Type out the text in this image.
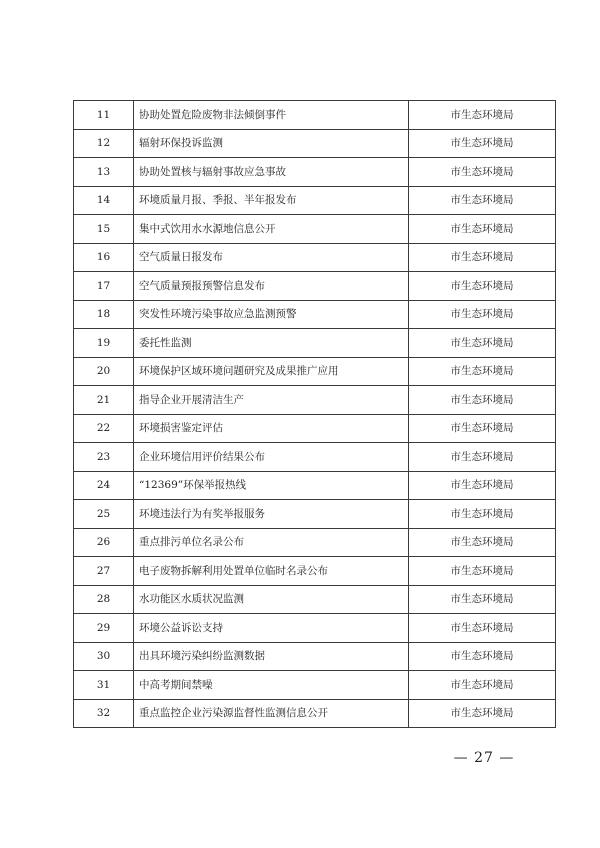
11	协助处置危险废物非法倾倒事件	市生态环境局
12	辐射环保投诉监测	市生态环境局
13	协助处置核与辐射事故应急事故	市生态环境局
14	环境质量月报、季报、半年报发布	市生态环境局
15	集中式饮用水水源地信息公开	市生态环境局
16	空气质量日报发布	市生态环境局
17	空气质量预报预警信息发布	市生态环境局
18	突发性环境污染事故应急监测预警	市生态环境局
19	委托性监测	市生态环境局
20	环境保护区域环境问题研究及成果推广应用	市生态环境局
21	指导企业开展清洁生产	市生态环境局
22	环境损害鉴定评估	市生态环境局
23	企业环境信用评价结果公布	市生态环境局
24	“12369”环保举报热线	市生态环境局
25	环境违法行为有奖举报服务	市生态环境局
26	重点排污单位名录公布	市生态环境局
27	电子废物拆解利用处置单位临时名录公布	市生态环境局
28	水功能区水质状况监测	市生态环境局
29	环境公益诉讼支持	市生态环境局
30	出具环境污染纠纷监测数据	市生态环境局
31	中高考期间禁噪	市生态环境局
32	重点监控企业污染源监督性监测信息公开	市生态环境局
— 27 —
